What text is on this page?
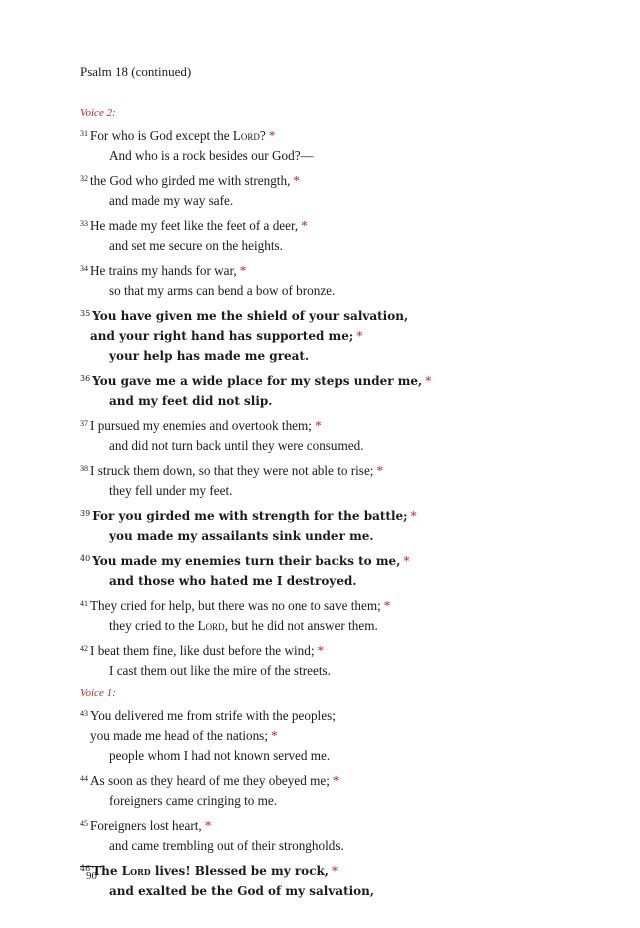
Psalm 18 (continued)
Voice 2:
$^{31}$ For who is God except the Lord? *
And who is a rock besides our God?—
$^{32}$ the God who girded me with strength, *
and made my way safe.
$^{33}$ He made my feet like the feet of a deer, *
and set me secure on the heights.
$^{34}$ He trains my hands for war, *
so that my arms can bend a bow of bronze.
$^{35}$ You have given me the shield of your salvation,
and your right hand has supported me; *
your help has made me great.
$^{36}$ You gave me a wide place for my steps under me, *
and my feet did not slip.
$^{37}$ I pursued my enemies and overtook them; *
and did not turn back until they were consumed.
$^{38}$ I struck them down, so that they were not able to rise; *
they fell under my feet.
$^{39}$ For you girded me with strength for the battle; *
you made my assailants sink under me.
$^{40}$ You made my enemies turn their backs to me, *
and those who hated me I destroyed.
$^{41}$ They cried for help, but there was no one to save them; *
they cried to the Lord, but he did not answer them.
$^{42}$ I beat them fine, like dust before the wind; *
I cast them out like the mire of the streets.
Voice 1:
$^{43}$ You delivered me from strife with the peoples;
you made me head of the nations; *
people whom I had not known served me.
$^{44}$ As soon as they heard of me they obeyed me; *
foreigners came cringing to me.
$^{45}$ Foreigners lost heart, *
and came trembling out of their strongholds.
$^{46}$ The Lord lives! Blessed be my rock, *
and exalted be the God of my salvation,
90
